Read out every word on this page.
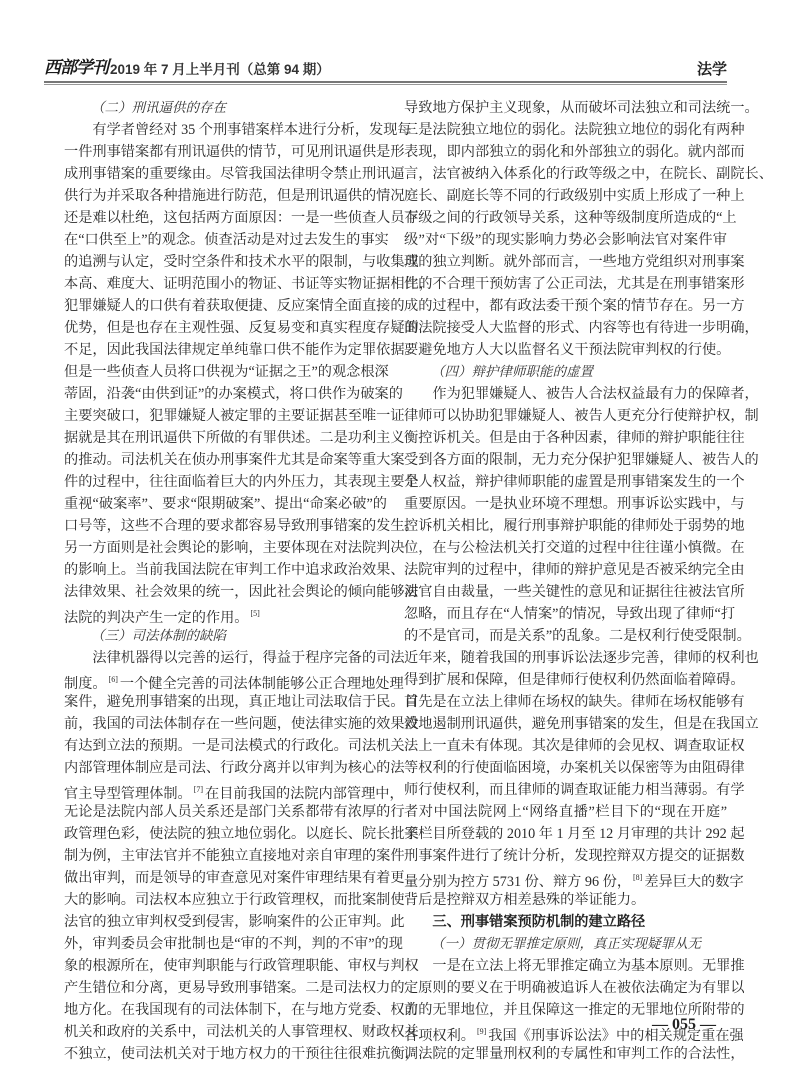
西部学刊 2019 年 7 月上半月刊（总第 94 期）	法学
（二）刑讯逼供的存在
有学者曾经对 35 个刑事错案样本进行分析，发现每
一件刑事错案都有刑讯逼供的情节，可见刑讯逼供是形
成刑事错案的重要缘由。尽管我国法律明令禁止刑讯逼
供行为并采取各种措施进行防范，但是刑讯逼供的情况
还是难以杜绝，这包括两方面原因：一是一些侦查人员存
在“口供至上”的观念。侦查活动是对过去发生的事实
的追溯与认定，受时空条件和技术水平的限制，与收集成
本高、难度大、证明范围小的物证、书证等实物证据相比，
犯罪嫌疑人的口供有着获取便捷、反应案情全面直接的
优势，但是也存在主观性强、反复易变和真实程度存疑的
不足，因此我国法律规定单纯靠口供不能作为定罪依据。
但是一些侦查人员将口供视为“证据之王”的观念根深
蒂固，沿袭“由供到证”的办案模式，将口供作为破案的
主要突破口，犯罪嫌疑人被定罪的主要证据甚至唯一证
据就是其在刑讯逼供下所做的有罪供述。二是功利主义
的推动。司法机关在侦办刑事案件尤其是命案等重大案
件的过程中，往往面临着巨大的内外压力，其表现主要是
重视“破案率”、要求“限期破案”、提出“命案必破”的
口号等，这些不合理的要求都容易导致刑事错案的发生。
另一方面则是社会舆论的影响，主要体现在对法院判决
的影响上。当前我国法院在审判工作中追求政治效果、
法律效果、社会效果的统一，因此社会舆论的倾向能够对
法院的判决产生一定的作用。 [5]
（三）司法体制的缺陷
法律机器得以完善的运行，得益于程序完备的司法
制度。 [6] 一个健全完善的司法体制能够公正合理地处理
案件，避免刑事错案的出现，真正地让司法取信于民。目
前，我国的司法体制存在一些问题，使法律实施的效果没
有达到立法的预期。一是司法模式的行政化。司法机关
内部管理体制应是司法、行政分离并以审判为核心的法
官主导型管理体制。 [7] 在目前我国的法院内部管理中，
无论是法院内部人员关系还是部门关系都带有浓厚的行
政管理色彩，使法院的独立地位弱化。以庭长、院长批案
制为例，主审法官并不能独立直接地对亲自审理的案件
做出审判，而是领导的审查意见对案件审理结果有着更
大的影响。司法权本应独立于行政管理权，而批案制使
法官的独立审判权受到侵害，影响案件的公正审判。此
外，审判委员会审批制也是“审的不判，判的不审”的现
象的根源所在，使审判职能与行政管理职能、审权与判权
产生错位和分离，更易导致刑事错案。二是司法权力的
地方化。在我国现有的司法体制下，在与地方党委、权力
机关和政府的关系中，司法机关的人事管理权、财政权并
不独立，使司法机关对于地方权力的干预往往很难抗衡，
导致地方保护主义现象，从而破坏司法独立和司法统一。
三是法院独立地位的弱化。法院独立地位的弱化有两种
表现，即内部独立的弱化和外部独立的弱化。就内部而
言，法官被纳入体系化的行政等级之中，在院长、副院长、
庭长、副庭长等不同的行政级别中实质上形成了一种上
下级之间的行政领导关系，这种等级制度所造成的“上
级”对“下级”的现实影响力势必会影响法官对案件审
理的独立判断。就外部而言，一些地方党组织对刑事案
件的不合理干预妨害了公正司法，尤其是在刑事错案形
成的过程中，都有政法委干预个案的情节存在。另一方
面法院接受人大监督的形式、内容等也有待进一步明确，
要避免地方人大以监督名义干预法院审判权的行使。
（四）辩护律师职能的虚置
作为犯罪嫌疑人、被告人合法权益最有力的保障者，
律师可以协助犯罪嫌疑人、被告人更充分行使辩护权，制
衡控诉机关。但是由于各种因素，律师的辩护职能往往
受到各方面的限制，无力充分保护犯罪嫌疑人、被告人的
个人权益，辩护律师职能的虚置是刑事错案发生的一个
重要原因。一是执业环境不理想。刑事诉讼实践中，与
控诉机关相比，履行刑事辩护职能的律师处于弱势的地
位，在与公检法机关打交道的过程中往往谨小慎微。在
法院审判的过程中，律师的辩护意见是否被采纳完全由
法官自由裁量，一些关键性的意见和证据往往被法官所
忽略，而且存在“人情案”的情况，导致出现了律师“打
的不是官司，而是关系”的乱象。二是权利行使受限制。
近年来，随着我国的刑事诉讼法逐步完善，律师的权利也
得到扩展和保障，但是律师行使权利仍然面临着障碍。
首先是在立法上律师在场权的缺失。律师在场权能够有
效地遏制刑讯逼供，避免刑事错案的发生，但是在我国立
法上一直未有体现。其次是律师的会见权、调查取证权
等权利的行使面临困境，办案机关以保密等为由阻碍律
师行使权利，而且律师的调查取证能力相当薄弱。有学
者对中国法院网上“网络直播”栏目下的“现在开庭”
子栏目所登载的 2010 年 1 月至 12 月审理的共计 292 起
刑事案件进行了统计分析，发现控辩双方提交的证据数
量分别为控方 5731 份、辩方 96 份， [8] 差异巨大的数字
背后是控辩双方相差悬殊的举证能力。
三、刑事错案预防机制的建立路径
（一）贯彻无罪推定原则，真正实现疑罪从无
一是在立法上将无罪推定确立为基本原则。无罪推
定原则的要义在于明确被追诉人在被依法确定为有罪以
前的无罪地位，并且保障这一推定的无罪地位所附带的
各项权利。 [9] 我国《刑事诉讼法》中的相关规定重在强
调法院的定罪量刑权利的专属性和审判工作的合法性，
— 055 —
